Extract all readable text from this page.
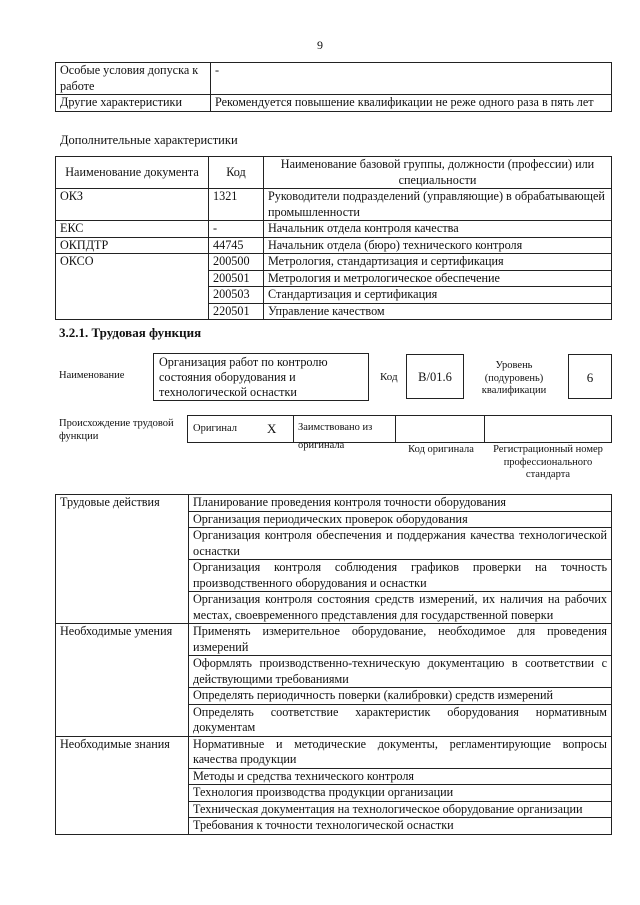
9
Особые условия допуска к работе	-
Другие характеристики	Рекомендуется повышение квалификации не реже одного раза в пять лет
Дополнительные характеристики
Наименование документа	Код	Наименование базовой группы, должности (профессии) или специальности
ОКЗ	1321	Руководители подразделений (управляющие) в обрабатывающей промышленности
ЕКС	-	Начальник отдела контроля качества
ОКПДТР	44745	Начальник отдела (бюро) технического контроля
ОКСО	200500	Метрология, стандартизация и сертификация
	200501	Метрология и метрологическое обеспечение
	200503	Стандартизация и сертификация
	220501	Управление качеством
3.2.1. Трудовая функция
Наименование
Организация работ по контролю состояния оборудования и технологической оснастки
Код	B/01.6
Уровень (подуровень) квалификации
6
Происхождение трудовой функции
Оригинал X	Заимствовано из оригинала	Код оригинала	Регистрационный номер профессионального стандарта
Трудовые действия	Планирование проведения контроля точности оборудования
	Организация периодических проверок оборудования
	Организация контроля обеспечения и поддержания качества технологической оснастки
	Организация контроля соблюдения графиков проверки на точность производственного оборудования и оснастки
	Организация контроля состояния средств измерений, их наличия на рабочих местах, своевременного представления для государственной поверки
Необходимые умения	Применять измерительное оборудование, необходимое для проведения измерений
	Оформлять производственно-техническую документацию в соответствии с действующими требованиями
	Определять периодичность поверки (калибровки) средств измерений
	Определять соответствие характеристик оборудования нормативным документам
Необходимые знания	Нормативные и методические документы, регламентирующие вопросы качества продукции
	Методы и средства технического контроля
	Технология производства продукции организации
	Техническая документация на технологическое оборудование организации
	Требования к точности технологической оснастки
